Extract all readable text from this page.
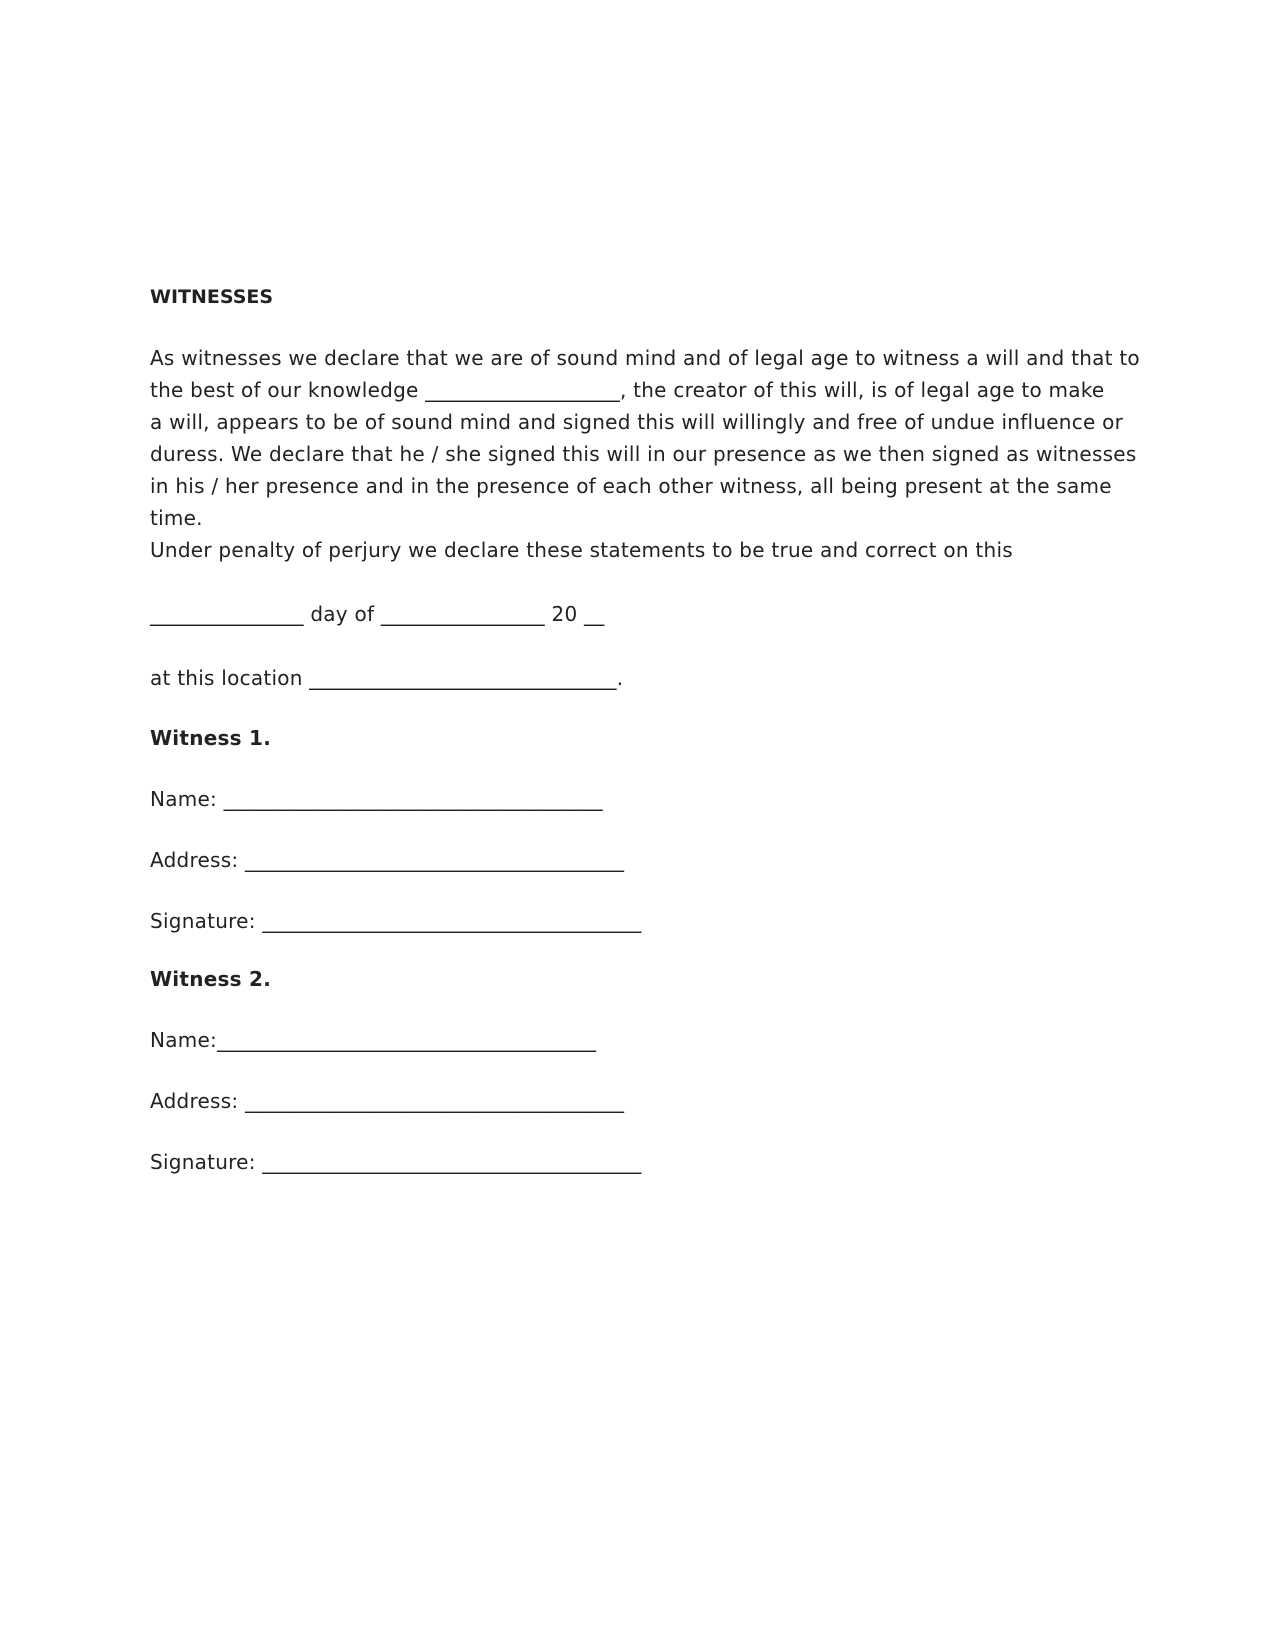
WITNESSES
As witnesses we declare that we are of sound mind and of legal age to witness a will and that to
the best of our knowledge ___________________, the creator of this will, is of legal age to make
a will, appears to be of sound mind and signed this will willingly and free of undue influence or
duress. We declare that he / she signed this will in our presence as we then signed as witnesses
in his / her presence and in the presence of each other witness, all being present at the same
time.
Under penalty of perjury we declare these statements to be true and correct on this
_______________ day of ________________ 20 __
at this location ______________________________.
Witness 1.
Name: _____________________________________
Address: _____________________________________
Signature: _____________________________________
Witness 2.
Name:_____________________________________
Address: _____________________________________
Signature: _____________________________________
